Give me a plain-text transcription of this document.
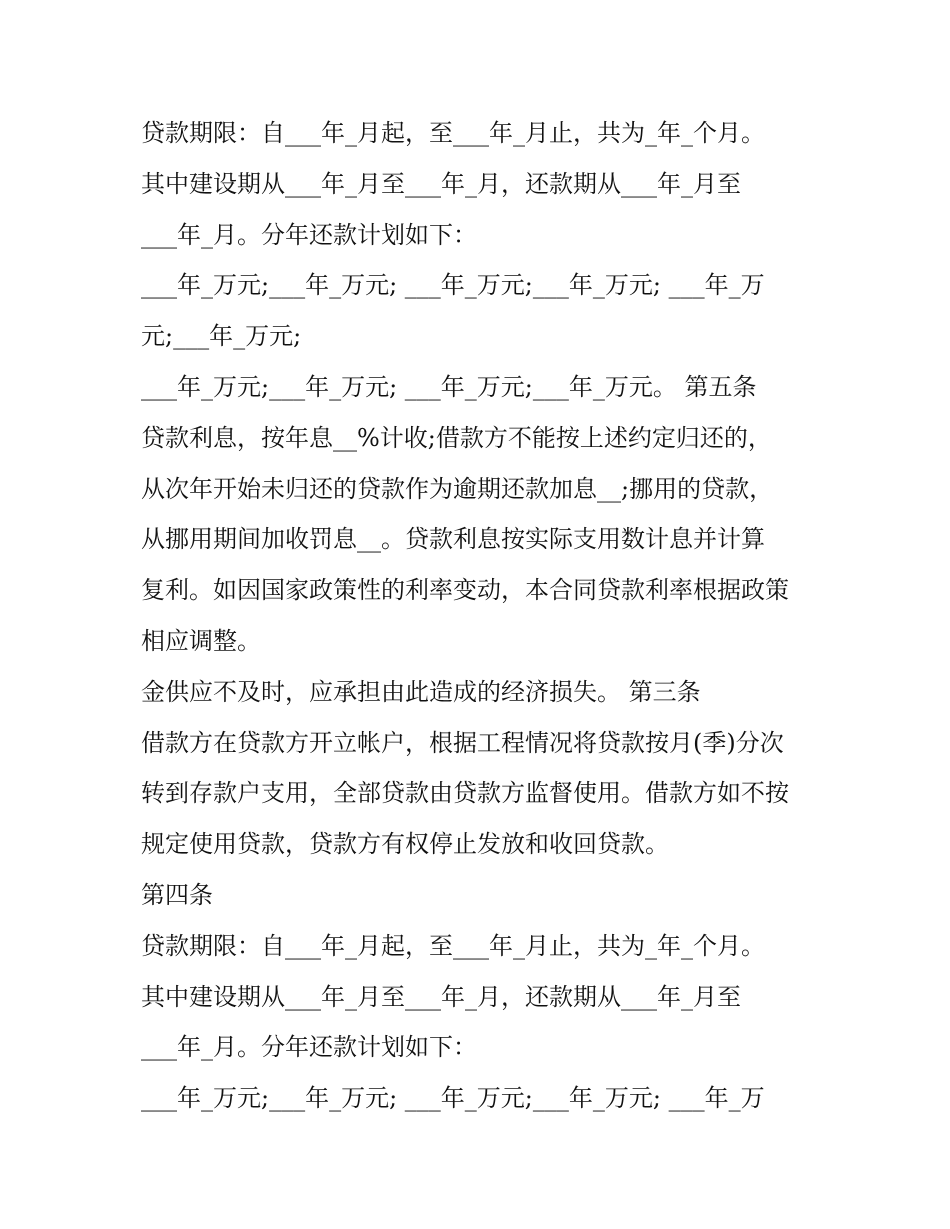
贷款期限：自___年_月起，至___年_月止，共为_年_个月。
其中建设期从___年_月至___年_月，还款期从___年_月至
___年_月。分年还款计划如下：
___年_万元;___年_万元; ___年_万元;___年_万元; ___年_万
元;___年_万元;
___年_万元;___年_万元; ___年_万元;___年_万元。 第五条
贷款利息，按年息__%计收;借款方不能按上述约定归还的，
从次年开始未归还的贷款作为逾期还款加息__;挪用的贷款，
从挪用期间加收罚息__。贷款利息按实际支用数计息并计算
复利。如因国家政策性的利率变动，本合同贷款利率根据政策
相应调整。
金供应不及时，应承担由此造成的经济损失。 第三条
借款方在贷款方开立帐户，根据工程情况将贷款按月(季)分次
转到存款户支用，全部贷款由贷款方监督使用。借款方如不按
规定使用贷款，贷款方有权停止发放和收回贷款。
第四条
贷款期限：自___年_月起，至___年_月止，共为_年_个月。
其中建设期从___年_月至___年_月，还款期从___年_月至
___年_月。分年还款计划如下：
___年_万元;___年_万元; ___年_万元;___年_万元; ___年_万
